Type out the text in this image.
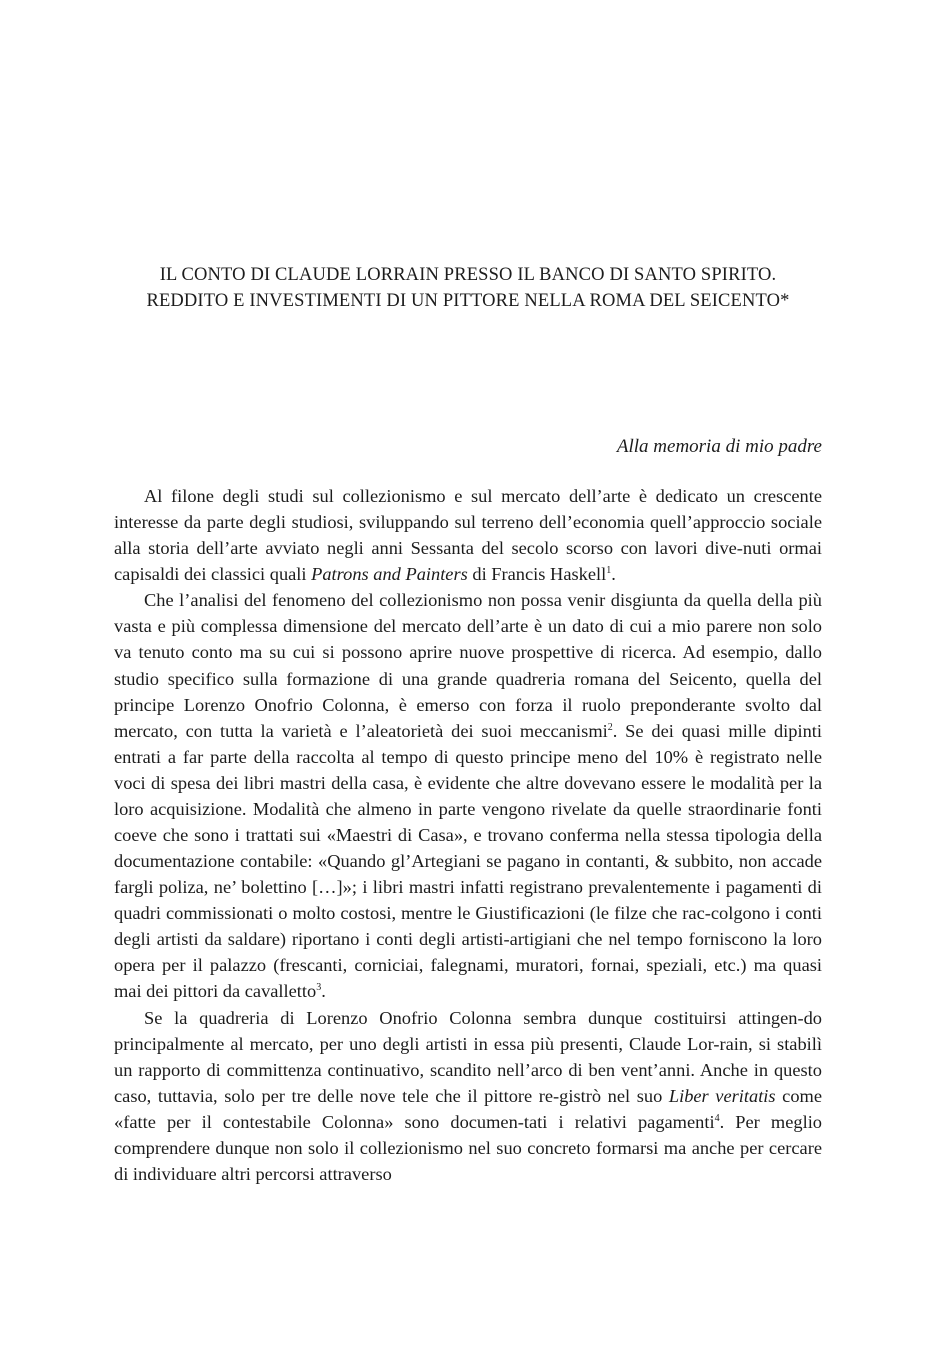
IL CONTO DI CLAUDE LORRAIN PRESSO IL BANCO DI SANTO SPIRITO.
REDDITO E INVESTIMENTI DI UN PITTORE NELLA ROMA DEL SEICENTO*
Alla memoria di mio padre

Al filone degli studi sul collezionismo e sul mercato dell’arte è dedicato un crescente interesse da parte degli studiosi, sviluppando sul terreno dell’economia quell’approccio sociale alla storia dell’arte avviato negli anni Sessanta del secolo scorso con lavori dive-nuti ormai capisaldi dei classici quali Patrons and Painters di Francis Haskell$^1$.

Che l’analisi del fenomeno del collezionismo non possa venir disgiunta da quella della più vasta e più complessa dimensione del mercato dell’arte è un dato di cui a mio parere non solo va tenuto conto ma su cui si possono aprire nuove prospettive di ricerca. Ad esempio, dallo studio specifico sulla formazione di una grande quadreria romana del Seicento, quella del principe Lorenzo Onofrio Colonna, è emerso con forza il ruolo preponderante svolto dal mercato, con tutta la varietà e l’aleatorietà dei suoi meccanismi$^2$. Se dei quasi mille dipinti entrati a far parte della raccolta al tempo di questo principe meno del 10% è registrato nelle voci di spesa dei libri mastri della casa, è evidente che altre dovevano essere le modalità per la loro acquisizione. Modalità che almeno in parte vengono rivelate da quelle straordinarie fonti coeve che sono i trattati sui «Maestri di Casa», e trovano conferma nella stessa tipologia della documentazione contabile: «Quando gl’Artegiani se pagano in contanti, & subbito, non accade fargli poliza, ne’ bolettino […]»; i libri mastri infatti registrano prevalentemente i pagamenti di quadri commissionati o molto costosi, mentre le Giustificazioni (le filze che rac-colgono i conti degli artisti da saldare) riportano i conti degli artisti-artigiani che nel tempo forniscono la loro opera per il palazzo (frescanti, corniciai, falegnami, muratori, fornai, speziali, etc.) ma quasi mai dei pittori da cavalletto$^3$.

Se la quadreria di Lorenzo Onofrio Colonna sembra dunque costituirsi attingen-do principalmente al mercato, per uno degli artisti in essa più presenti, Claude Lor-rain, si stabilì un rapporto di committenza continuativo, scandito nell’arco di ben vent’anni. Anche in questo caso, tuttavia, solo per tre delle nove tele che il pittore re-gistrò nel suo Liber veritatis come «fatte per il contestabile Colonna» sono documen-tati i relativi pagamenti$^4$. Per meglio comprendere dunque non solo il collezionismo nel suo concreto formarsi ma anche per cercare di individuare altri percorsi attraverso
